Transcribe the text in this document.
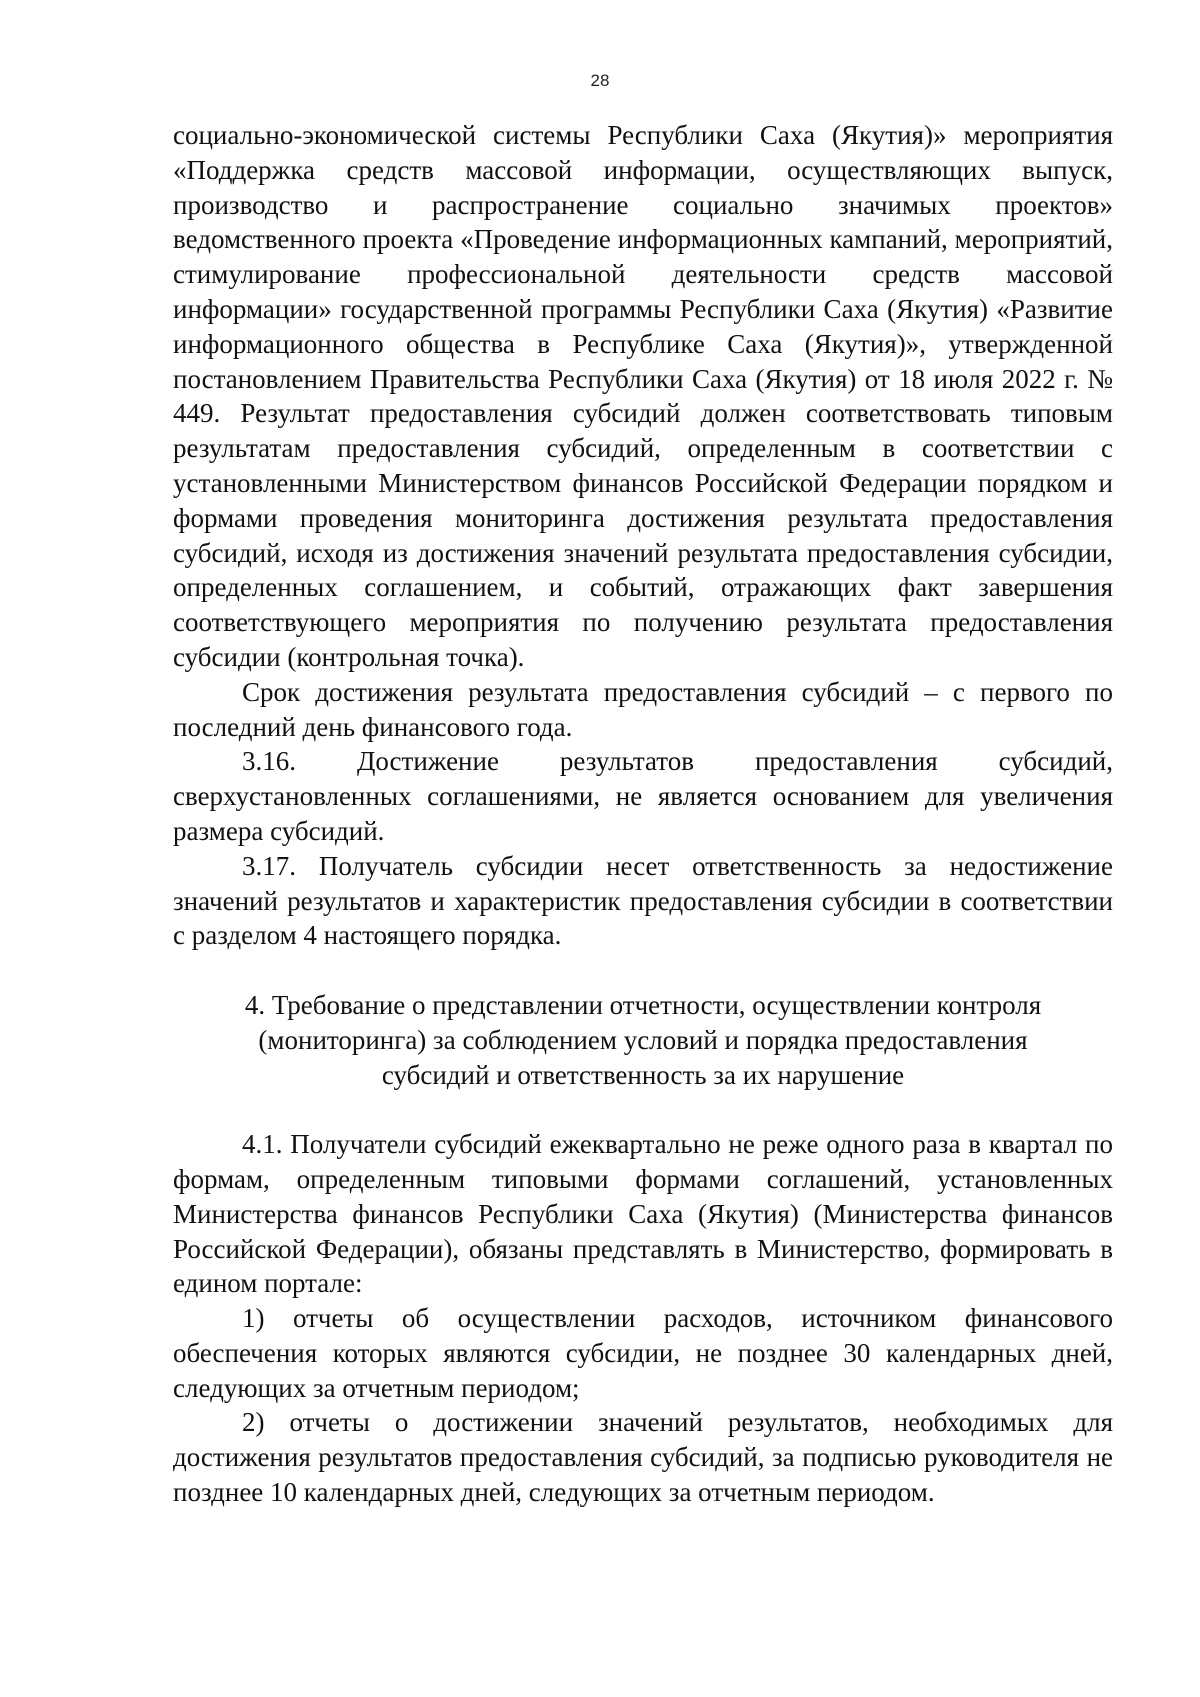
28

социально-экономической системы Республики Саха (Якутия)» мероприятия «Поддержка средств массовой информации, осуществляющих выпуск, производство и распространение социально значимых проектов» ведомственного проекта «Проведение информационных кампаний, мероприятий, стимулирование профессиональной деятельности средств массовой информации» государственной программы Республики Саха (Якутия) «Развитие информационного общества в Республике Саха (Якутия)», утвержденной постановлением Правительства Республики Саха (Якутия) от 18 июля 2022 г. № 449. Результат предоставления субсидий должен соответствовать типовым результатам предоставления субсидий, определенным в соответствии с установленными Министерством финансов Российской Федерации порядком и формами проведения мониторинга достижения результата предоставления субсидий, исходя из достижения значений результата предоставления субсидии, определенных соглашением, и событий, отражающих факт завершения соответствующего мероприятия по получению результата предоставления субсидии (контрольная точка).

Срок достижения результата предоставления субсидий – с первого по последний день финансового года.

3.16. Достижение результатов предоставления субсидий, сверхустановленных соглашениями, не является основанием для увеличения размера субсидий.

3.17. Получатель субсидии несет ответственность за недостижение значений результатов и характеристик предоставления субсидии в соответствии с разделом 4 настоящего порядка.

4. Требование о представлении отчетности, осуществлении контроля
(мониторинга) за соблюдением условий и порядка предоставления
субсидий и ответственность за их нарушение

4.1. Получатели субсидий ежеквартально не реже одного раза в квартал по формам, определенным типовыми формами соглашений, установленных Министерства финансов Республики Саха (Якутия) (Министерства финансов Российской Федерации), обязаны представлять в Министерство, формировать в едином портале:

1) отчеты об осуществлении расходов, источником финансового обеспечения которых являются субсидии, не позднее 30 календарных дней, следующих за отчетным периодом;

2) отчеты о достижении значений результатов, необходимых для достижения результатов предоставления субсидий, за подписью руководителя не позднее 10 календарных дней, следующих за отчетным периодом.
